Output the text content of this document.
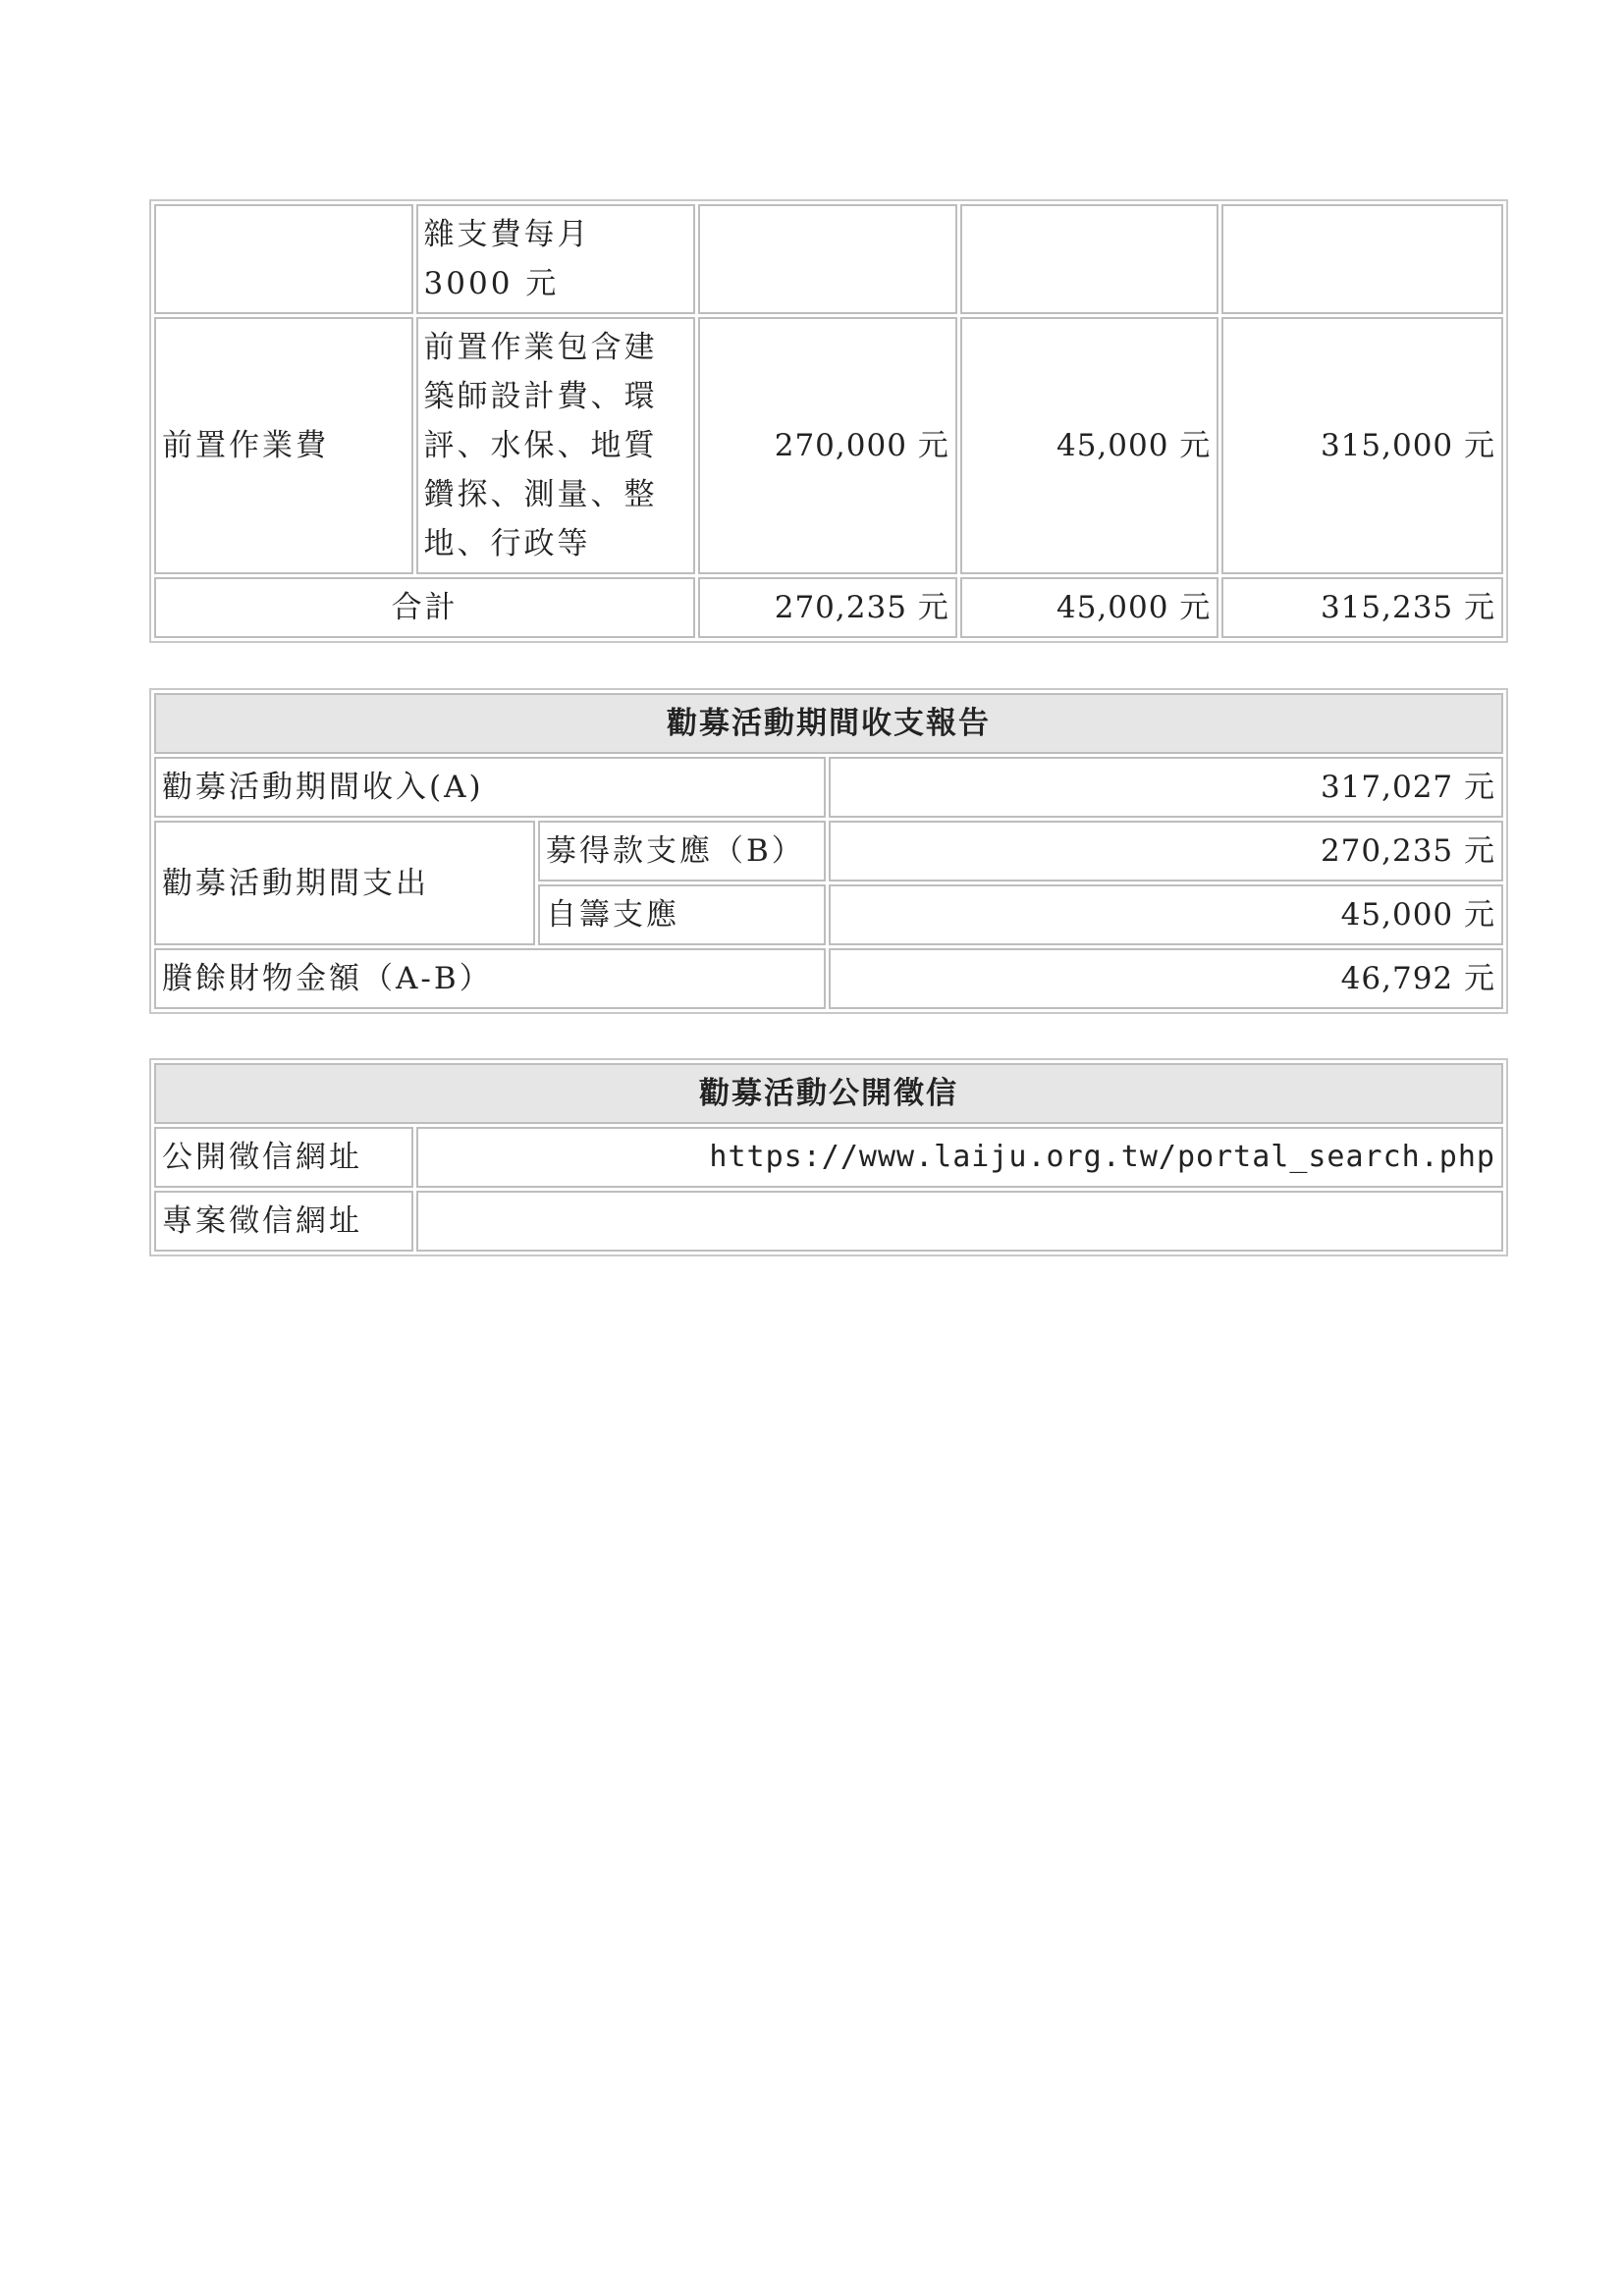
	雜支費每月 3000 元			
前置作業費	前置作業包含建築師設計費、環評、水保、地質鑽探、測量、整地、行政等	270,000 元	45,000 元	315,000 元
合計		270,235 元	45,000 元	315,235 元
勸募活動期間收支報告		
勸募活動期間收入(A)		317,027 元
勸募活動期間支出	募得款支應（B）	270,235 元
	自籌支應	45,000 元
賸餘財物金額（A-B）		46,792 元
勸募活動公開徵信	
公開徵信網址	https://www.laiju.org.tw/portal_search.php
專案徵信網址	
